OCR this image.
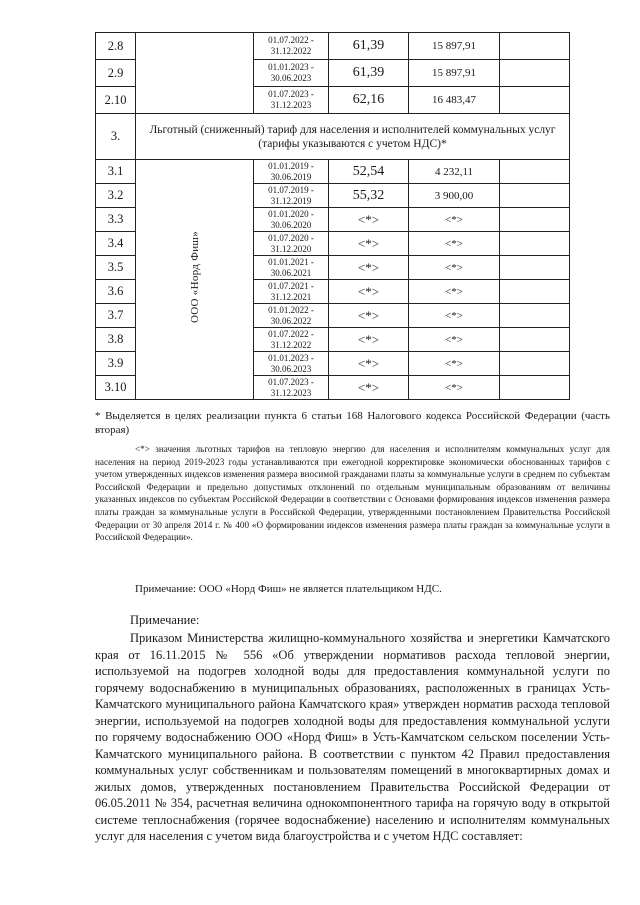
2.8		01.07.2022 -
31.12.2022	61,39	15 897,91	
2.9		01.01.2023 -
30.06.2023	61,39	15 897,91	
2.10		01.07.2023 -
31.12.2023	62,16	16 483,47	
3.	Льготный (сниженный) тариф для населения и исполнителей коммунальных услуг (тарифы указываются с учетом НДС)*				
3.1	ООО «Норд Фиш»	01.01.2019 -
30.06.2019	52,54	4 232,11	
3.2		01.07.2019 -
31.12.2019	55,32	3 900,00	
3.3		01.01.2020 -
30.06.2020	<*>	<*>	
3.4		01.07.2020 -
31.12.2020	<*>	<*>	
3.5		01.01.2021 -
30.06.2021	<*>	<*>	
3.6		01.07.2021 -
31.12.2021	<*>	<*>	
3.7		01.01.2022 -
30.06.2022	<*>	<*>	
3.8		01.07.2022 -
31.12.2022	<*>	<*>	
3.9		01.01.2023 -
30.06.2023	<*>	<*>	
3.10		01.07.2023 -
31.12.2023	<*>	<*>	
* Выделяется в целях реализации пункта 6 статьи 168 Налогового кодекса Российской Федерации (часть вторая)
<*> значения льготных тарифов на тепловую энергию для населения и исполнителям коммунальных услуг для населения на период 2019-2023 годы устанавливаются при ежегодной корректировке экономически обоснованных тарифов с учетом утвержденных индексов изменения размера вносимой гражданами платы за коммунальные услуги в среднем по субъектам Российской Федерации и предельно допустимых отклонений по отдельным муниципальным образованиям от величины указанных индексов по субъектам Российской Федерации в соответствии с Основами формирования индексов изменения размера платы граждан за коммунальные услуги в Российской Федерации, утвержденными постановлением Правительства Российской Федерации от 30 апреля 2014 г. № 400 «О формировании индексов изменения размера платы граждан за коммунальные услуги в Российской Федерации».
Примечание: ООО «Норд Фиш» не является плательщиком НДС.
Примечание:
Приказом Министерства жилищно-коммунального хозяйства и энергетики Камчатского края от 16.11.2015 № 556 «Об утверждении нормативов расхода тепловой энергии, используемой на подогрев холодной воды для предоставления коммунальной услуги по горячему водоснабжению в муниципальных образованиях, расположенных в границах Усть-Камчатского муниципального района Камчатского края» утвержден норматив расхода тепловой энергии, используемой на подогрев холодной воды для предоставления коммунальной услуги по горячему водоснабжению ООО «Норд Фиш» в Усть-Камчатском сельском поселении Усть-Камчатского муниципального района. В соответствии с пунктом 42 Правил предоставления коммунальных услуг собственникам и пользователям помещений в многоквартирных домах и жилых домов, утвержденных постановлением Правительства Российской Федерации от 06.05.2011 № 354, расчетная величина однокомпонентного тарифа на горячую воду в открытой системе теплоснабжения (горячее водоснабжение) населению и исполнителям коммунальных услуг для населения с учетом вида благоустройства и с учетом НДС составляет:
